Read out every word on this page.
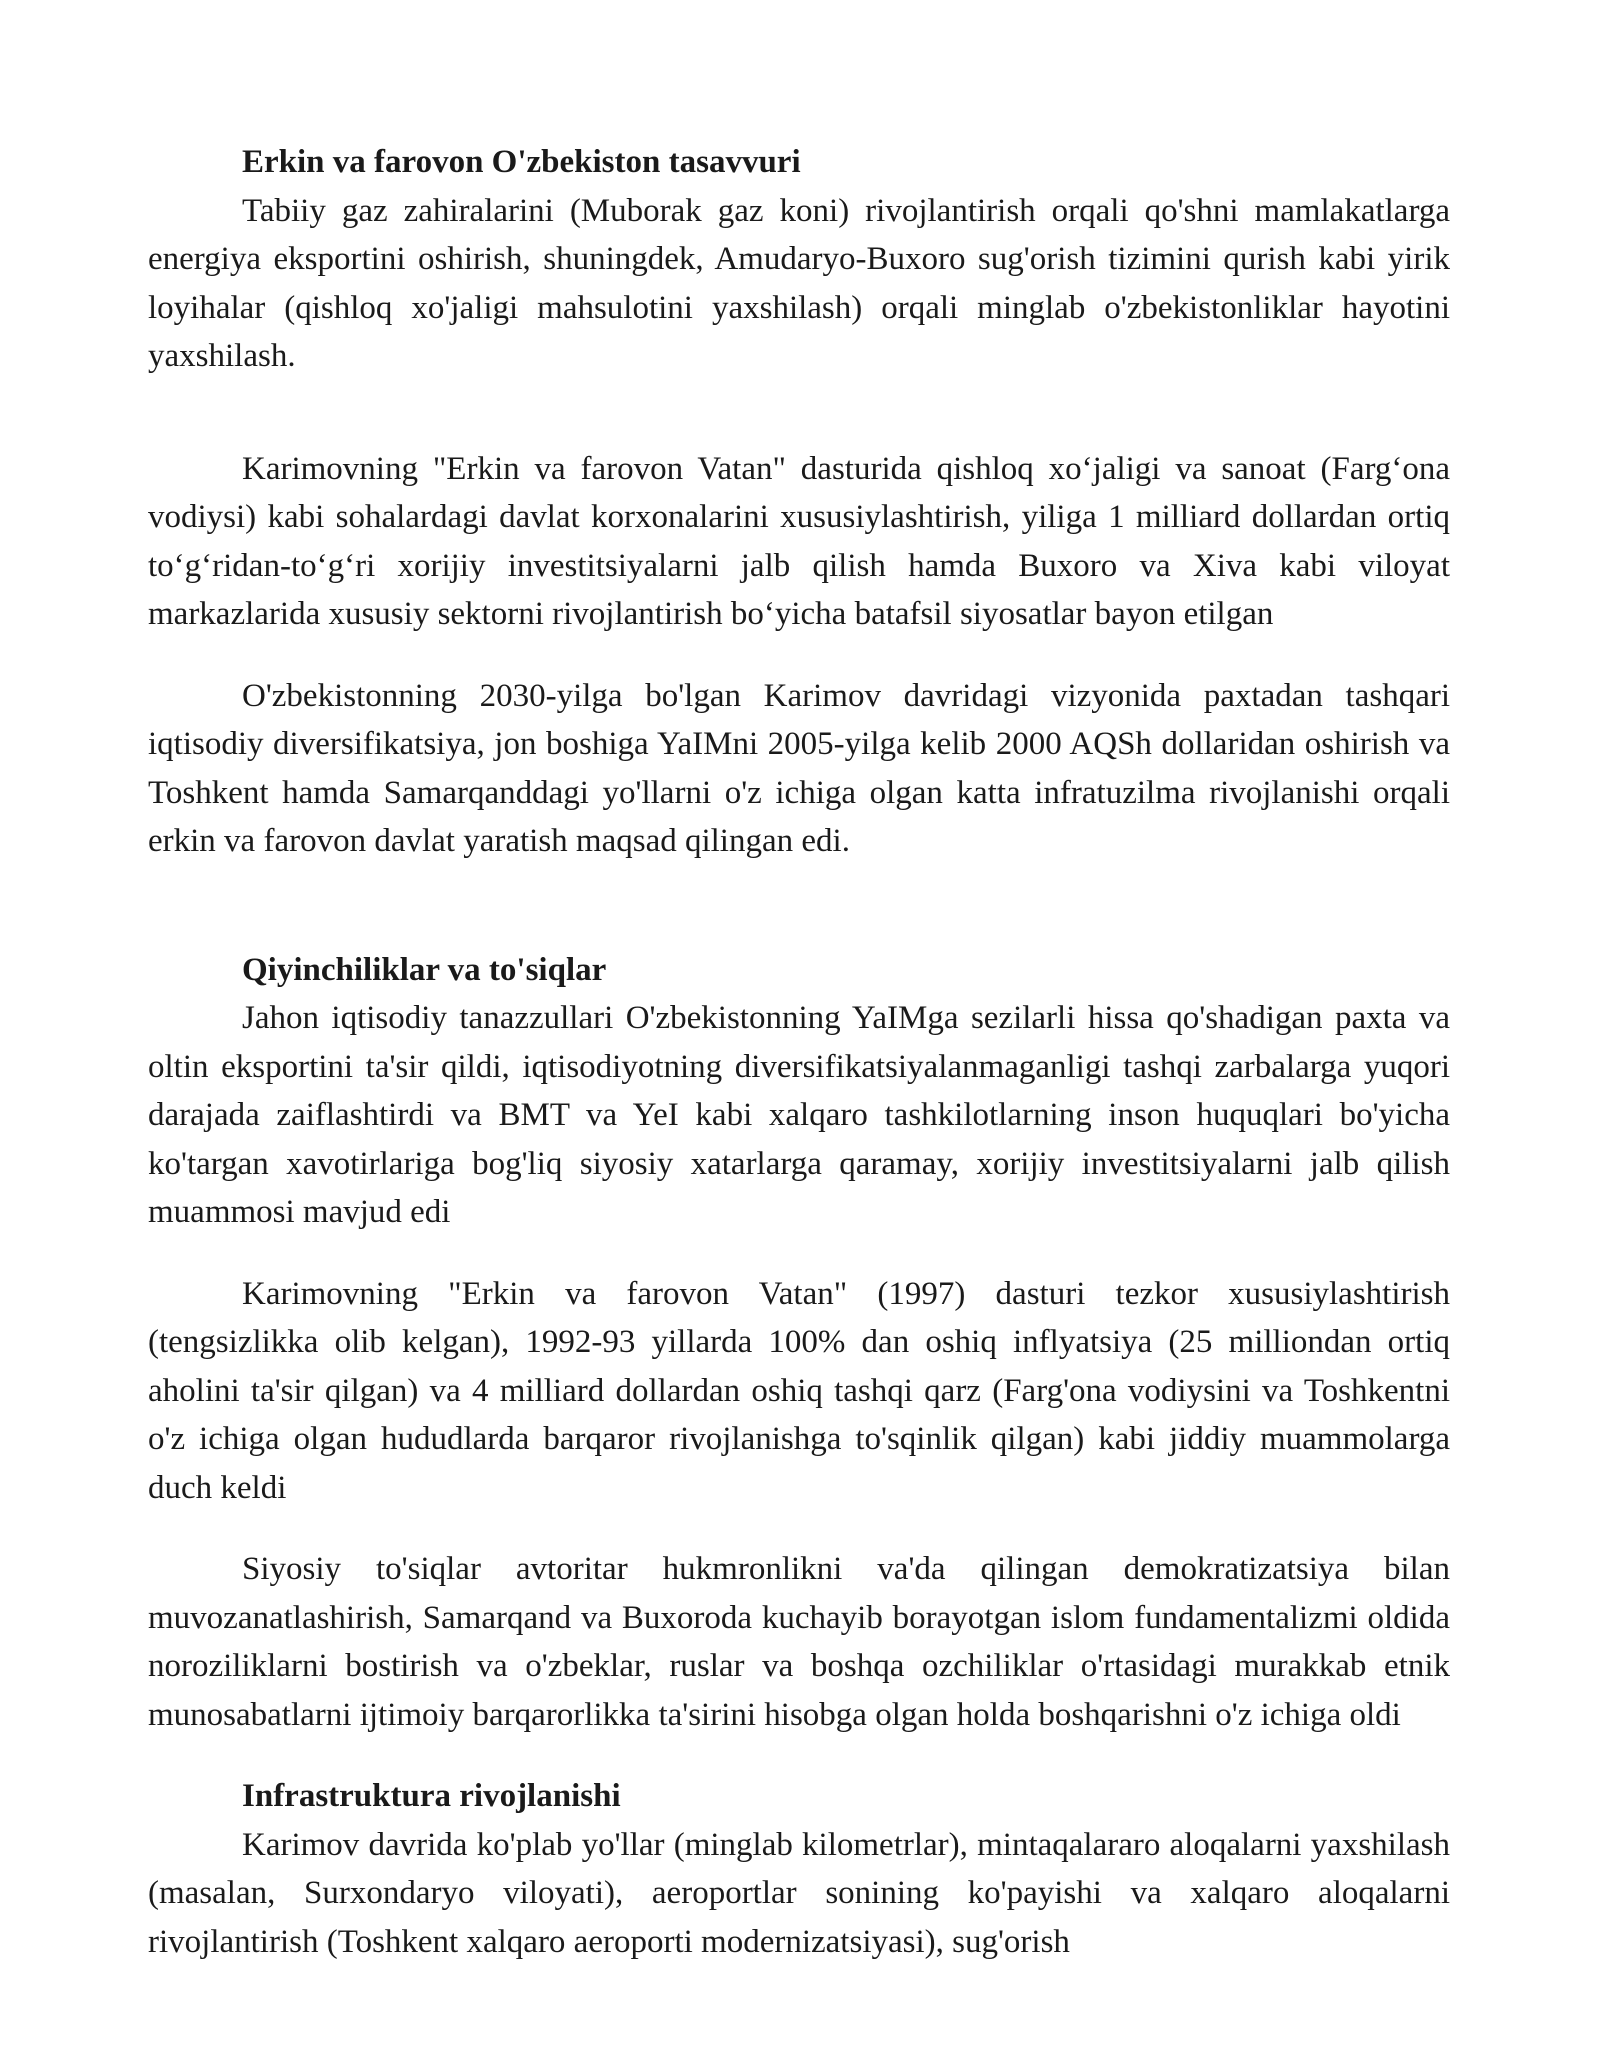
Erkin va farovon O'zbekiston tasavvuri

Tabiiy gaz zahiralarini (Muborak gaz koni) rivojlantirish orqali qo'shni mamlakatlarga energiya eksportini oshirish, shuningdek, Amudaryo-Buxoro sug'orish tizimini qurish kabi yirik loyihalar (qishloq xo'jaligi mahsulotini yaxshilash) orqali minglab o'zbekistonliklar hayotini yaxshilash.

Karimovning "Erkin va farovon Vatan" dasturida qishloq xo‘jaligi va sanoat (Farg‘ona vodiysi) kabi sohalardagi davlat korxonalarini xususiylashtirish, yiliga 1 milliard dollardan ortiq to‘g‘ridan-to‘g‘ri xorijiy investitsiyalarni jalb qilish hamda Buxoro va Xiva kabi viloyat markazlarida xususiy sektorni rivojlantirish bo‘yicha batafsil siyosatlar bayon etilgan

O'zbekistonning 2030-yilga bo'lgan Karimov davridagi vizyonida paxtadan tashqari iqtisodiy diversifikatsiya, jon boshiga YaIMni 2005-yilga kelib 2000 AQSh dollaridan oshirish va Toshkent hamda Samarqanddagi yo'llarni o'z ichiga olgan katta infratuzilma rivojlanishi orqali erkin va farovon davlat yaratish maqsad qilingan edi.

Qiyinchiliklar va to'siqlar

Jahon iqtisodiy tanazzullari O'zbekistonning YaIMga sezilarli hissa qo'shadigan paxta va oltin eksportini ta'sir qildi, iqtisodiyotning diversifikatsiyalanmaganligi tashqi zarbalarga yuqori darajada zaiflashtirdi va BMT va YeI kabi xalqaro tashkilotlarning inson huquqlari bo'yicha ko'targan xavotirlariga bog'liq siyosiy xatarlarga qaramay, xorijiy investitsiyalarni jalb qilish muammosi mavjud edi

Karimovning "Erkin va farovon Vatan" (1997) dasturi tezkor xususiylashtirish (tengsizlikka olib kelgan), 1992-93 yillarda 100% dan oshiq inflyatsiya (25 milliondan ortiq aholini ta'sir qilgan) va 4 milliard dollardan oshiq tashqi qarz (Farg'ona vodiysini va Toshkentni o'z ichiga olgan hududlarda barqaror rivojlanishga to'sqinlik qilgan) kabi jiddiy muammolarga duch keldi

Siyosiy to'siqlar avtoritar hukmronlikni va'da qilingan demokratizatsiya bilan muvozanatlashirish, Samarqand va Buxoroda kuchayib borayotgan islom fundamentalizmi oldida noroziliklarni bostirish va o'zbeklar, ruslar va boshqa ozchiliklar o'rtasidagi murakkab etnik munosabatlarni ijtimoiy barqarorlikka ta'sirini hisobga olgan holda boshqarishni o'z ichiga oldi

Infrastruktura rivojlanishi

Karimov davrida ko'plab yo'llar (minglab kilometrlar), mintaqalararo aloqalarni yaxshilash (masalan, Surxondaryo viloyati), aeroportlar sonining ko'payishi va xalqaro aloqalarni rivojlantirish (Toshkent xalqaro aeroporti modernizatsiyasi), sug'orish
